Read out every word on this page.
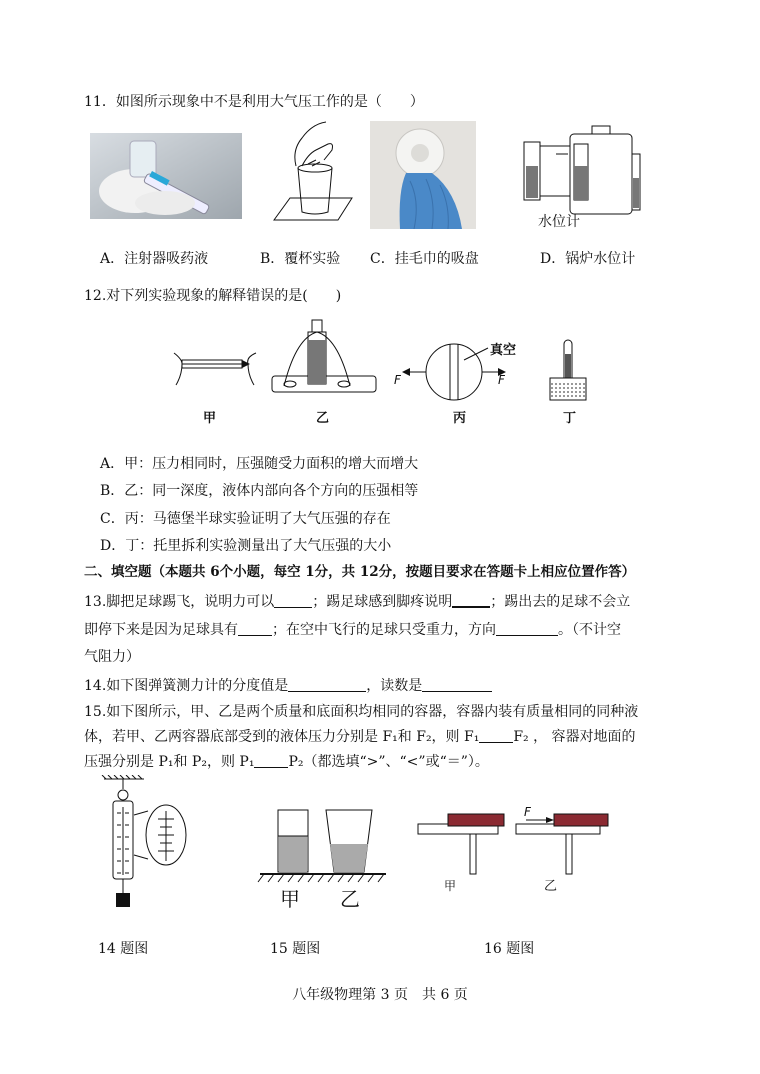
11．如图所示现象中不是利用大气压工作的是（　　）
水位计
A．注射器吸药液	B．覆杯实验 C．挂毛巾的吸盘	D．锅炉水位计
12.对下列实验现象的解释错误的是(　　)
甲	乙
F	F
真空
丙	丁
A．甲：压力相同时，压强随受力面积的增大而增大
B．乙：同一深度，液体内部向各个方向的压强相等
C．丙：马德堡半球实验证明了大气压强的存在
D．丁：托里拆利实验测量出了大气压强的大小
二、填空题（本题共 6个小题，每空 1分，共 12分，按题目要求在答题卡上相应位置作答）
13.脚把足球踢飞，说明力可以	；踢足球感到脚疼说明	；踢出去的足球不会立
即停下来是因为足球具有 ；在空中飞行的足球只受重力，方向	。（不计空
气阻力）
14.如下图弹簧测力计的分度值是	，读数是
15.如下图所示，甲、乙是两个质量和底面积均相同的容器，容器内装有质量相同的同种液
体，若甲、乙两容器底部受到的液体压力分别是 F₁和 F₂，则 F₁ F₂ ， 容器对地面的
压强分别是 P₁和 P₂，则 P₁ P₂（都选填“>”、“<”或“＝”）。
甲 乙
F
甲	乙
14 题图	15 题图	16 题图
八年级物理第 3 页　共 6 页
